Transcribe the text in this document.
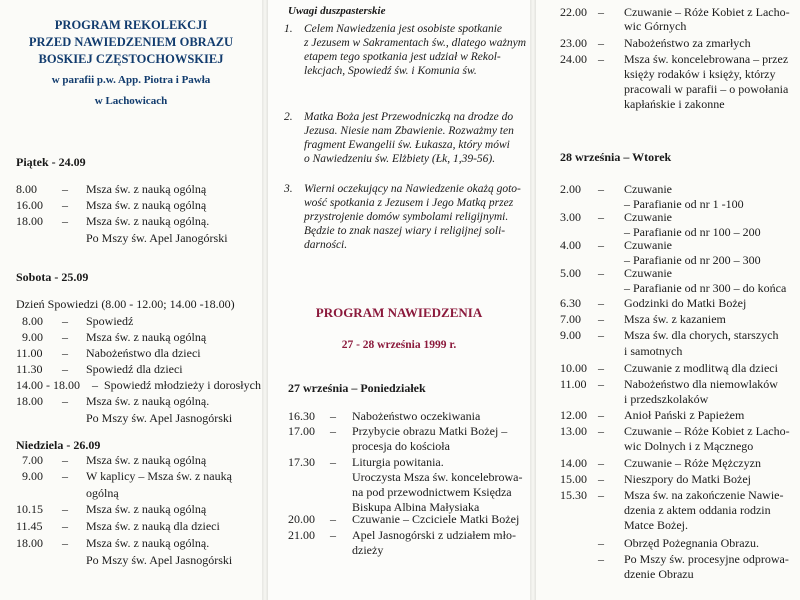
PROGRAM REKOLEKCJI
PRZED NAWIEDZENIEM OBRAZU
BOSKIEJ CZĘSTOCHOWSKIEJ
w parafii p.w. App. Piotra i Pawła
w Lachowicach
Piątek - 24.09
8.00 – Msza św. z nauką ogólną
16.00 – Msza św. z nauką ogólną
18.00 – Msza św. z nauką ogólną.
Po Mszy św. Apel Janogórski
Sobota - 25.09
Dzień Spowiedzi (8.00 - 12.00; 14.00 -18.00)
8.00 – Spowiedź
9.00 – Msza św. z nauką ogólną
11.00 – Nabożeństwo dla dzieci
11.30 – Spowiedź dla dzieci
14.00 - 18.00 – Spowiedź młodzieży i dorosłych
18.00 – Msza św. z nauką ogólną.
Po Mszy św. Apel Jasnogórski
Niedziela - 26.09
7.00 – Msza św. z nauką ogólną
9.00 – W kaplicy – Msza św. z nauką
ogólną
10.15 – Msza św. z nauką ogólną
11.45 – Msza św. z nauką dla dzieci
18.00 – Msza św. z nauką ogólną.
Po Mszy św. Apel Jasnogórski
Uwagi duszpasterskie
1. Celem Nawiedzenia jest osobiste spotkanie
z Jezusem w Sakramentach św., dlatego ważnym
etapem tego spotkania jest udział w Rekol-
lekcjach, Spowiedź św. i Komunia św.
2. Matka Boża jest Przewodniczką na drodze do
Jezusa. Niesie nam Zbawienie. Rozważmy ten
fragment Ewangelii św. Łukasza, który mówi
o Nawiedzeniu św. Elżbiety (Łk, 1,39-56).
3. Wierni oczekujący na Nawiedzenie okażą goto-
wość spotkania z Jezusem i Jego Matką przez
przystrojenie domów symbolami religijnymi.
Będzie to znak naszej wiary i religijnej soli-
darności.
PROGRAM NAWIEDZENIA
27 - 28 września 1999 r.
27 września – Poniedziałek
16.30 – Nabożeństwo oczekiwania
17.00 – Przybycie obrazu Matki Bożej –
procesja do kościoła
17.30 – Liturgia powitania.
Uroczysta Msza św. koncelebrowa-
na pod przewodnictwem Księdza
Biskupa Albina Małysiaka
20.00 – Czuwanie – Czciciele Matki Bożej
21.00 – Apel Jasnogórski z udziałem mło-
dzieży
22.00 – Czuwanie – Róże Kobiet z Lacho-
wic Górnych
23.00 – Nabożeństwo za zmarłych
24.00 – Msza św. koncelebrowana – przez
księży rodaków i księży, którzy
pracowali w parafii – o powołania
kapłańskie i zakonne
28 września – Wtorek
2.00 – Czuwanie
– Parafianie od nr 1 -100
3.00 – Czuwanie
– Parafianie od nr 100 – 200
4.00 – Czuwanie
– Parafianie od nr 200 – 300
5.00 – Czuwanie
– Parafianie od nr 300 – do końca
6.30 – Godzinki do Matki Bożej
7.00 – Msza św. z kazaniem
9.00 – Msza św. dla chorych, starszych
i samotnych
10.00 – Czuwanie z modlitwą dla dzieci
11.00 – Nabożeństwo dla niemowlaków
i przedszkolaków
12.00 – Anioł Pański z Papieżem
13.00 – Czuwanie – Róże Kobiet z Lacho-
wic Dolnych i z Mącznego
14.00 – Czuwanie – Róże Mężczyzn
15.00 – Nieszpory do Matki Bożej
15.30 – Msza św. na zakończenie Nawie-
dzenia z aktem oddania rodzin
Matce Bożej.
– Obrzęd Pożegnania Obrazu.
– Po Mszy św. procesyjne odprowa-
dzenie Obrazu
